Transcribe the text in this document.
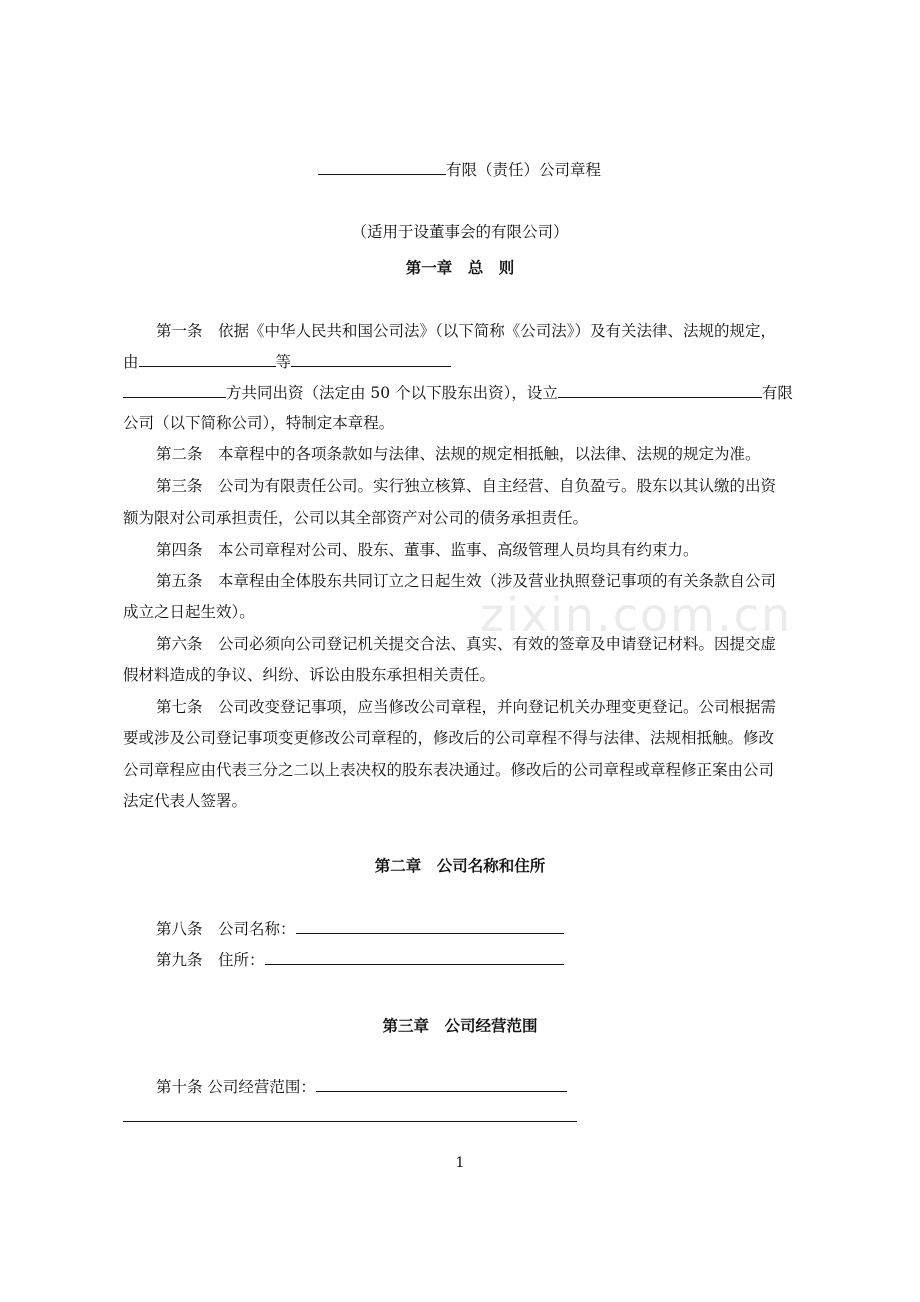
有限（责任）公司章程
（适用于设董事会的有限公司）
第一章　总　则
第一条　依据《中华人民共和国公司法》（以下简称《公司法》）及有关法律、法规的规定，
由	等
方共同出资（法定由 50 个以下股东出资），设立	有限
公司（以下简称公司），特制定本章程。
第二条　本章程中的各项条款如与法律、法规的规定相抵触，以法律、法规的规定为准。
第三条　公司为有限责任公司。实行独立核算、自主经营、自负盈亏。股东以其认缴的出资
额为限对公司承担责任，公司以其全部资产对公司的债务承担责任。
第四条　本公司章程对公司、股东、董事、监事、高级管理人员均具有约束力。
第五条　本章程由全体股东共同订立之日起生效（涉及营业执照登记事项的有关条款自公司
成立之日起生效）。
第六条　公司必须向公司登记机关提交合法、真实、有效的签章及申请登记材料。因提交虚
假材料造成的争议、纠纷、诉讼由股东承担相关责任。
第七条　公司改变登记事项，应当修改公司章程，并向登记机关办理变更登记。公司根据需
要或涉及公司登记事项变更修改公司章程的，修改后的公司章程不得与法律、法规相抵触。修改
公司章程应由代表三分之二以上表决权的股东表决通过。修改后的公司章程或章程修正案由公司
法定代表人签署。
第二章　公司名称和住所
第八条　公司名称：
第九条　住所：
第三章　公司经营范围
第十条 公司经营范围：
1
zixin.com.cn
